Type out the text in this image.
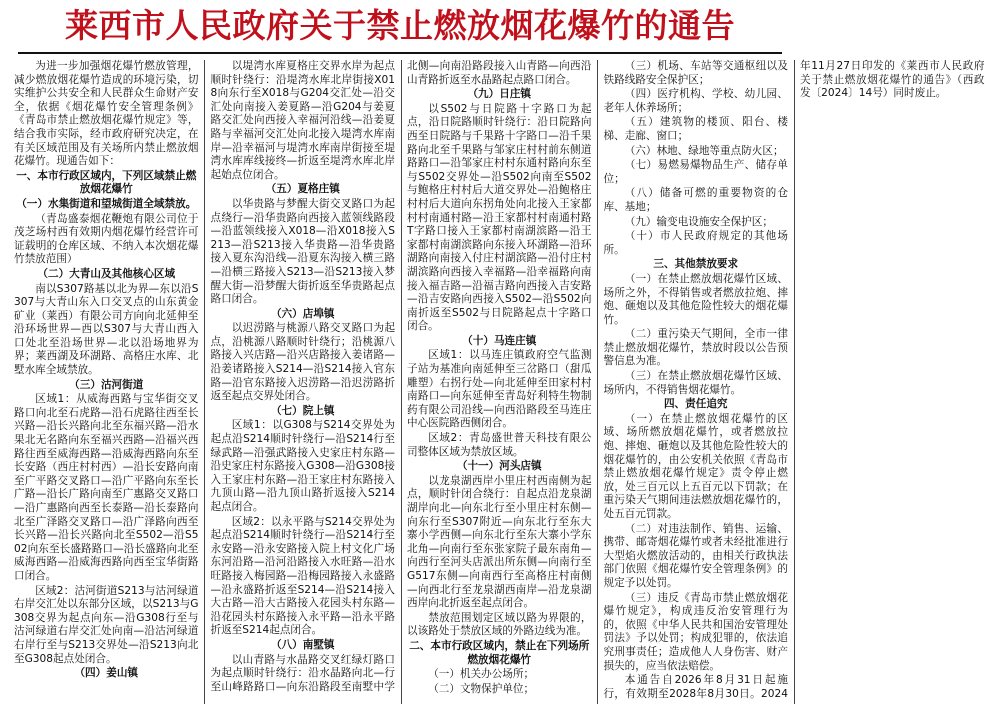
莱西市人民政府关于禁止燃放烟花爆竹的通告

为进一步加强烟花爆竹燃放管理，减少燃放烟花爆竹造成的环境污染，切实维护公共安全和人民群众生命财产安全，依据《烟花爆竹安全管理条例》《青岛市禁止燃放烟花爆竹规定》等，结合我市实际，经市政府研究决定，在有关区域范围及有关场所内禁止燃放烟花爆竹。现通告如下：

一、本市行政区域内，下列区域禁止燃放烟花爆竹

（一）水集街道和望城街道全域禁放。

（青岛盛泰烟花鞭炮有限公司位于茂芝场村西有效期内烟花爆竹经营许可证载明的仓库区域、不纳入本次烟花爆竹禁放范围）

（二）大青山及其他核心区域

南以S307路基以北为界—东以沿S307与大青山东入口交叉点的山东黄金矿业（莱西）有限公司方向向北延伸至沿环场世界—西以S307与大青山西入口处北至沿场世界—北以沿场地界为界；莱西湖及环湖路、高格庄水库、北墅水库全域禁放。

（三）沽河街道

区域1：从威海西路与宝华街交叉路口向北至石虎路—沿石虎路往西至长兴路—沿长兴路向北至东福兴路—沿水果北无名路向东至福兴西路—沿福兴西路往西至威海西路—沿威海西路向东至长安路（西庄村村西）—沿长安路向南至广平路交叉路口—沿广平路向东至长广路—沿长广路向南至广惠路交叉路口—沿广惠路向西至长泰路—沿长泰路向北至广泽路交叉路口—沿广泽路向西至长兴路—沿长兴路向北至S502—沿S502向东至长盛路路口—沿长盛路向北至威海西路—沿威海西路向西至宝华街路口闭合。

区域2：沽河街道S213与沽河绿道右岸交汇处以东部分区域，以S213与G308交界为起点向东—沿G308行至与沽河绿道右岸交汇处向南—沿沽河绿道右岸行至与S213交界处—沿S213向北至G308起点处闭合。

（四）姜山镇

以堤湾水库夏格庄交界水岸为起点顺时针绕行：沿堤湾水库北岸街接X018向东行至X018与G204交汇处—沿交汇处向南接入姜夏路—沿G204与姜夏路交汇处向西接入幸福河沿线—沿姜夏路与幸福河交汇处向北接入堤湾水库南岸—沿幸福河与堤湾水库南岸街接至堤湾水库库线接终—折返至堤湾水库北岸起始点位闭合。

（五）夏格庄镇

以华贵路与梦醒大街交叉路口为起点绕行—沿华贵路向西接入蓝领线路段—沿蓝领线接入X018—沿X018接入S213—沿S213接入华贵路—沿华贵路接入夏东沟沿线—沿夏东沟接入横三路—沿横三路接入S213—沿S213接入梦醒大街—沿梦醒大街折返至华贵路起点路口闭合。

（六）店埠镇

以迟涝路与桃源八路交叉路口为起点，沿桃源八路顺时针绕行；沿桃源八路接入兴店路—沿兴店路接入姜诸路—沿姜诸路接入S214—沿S214接入官东路—沿官东路接入迟涝路—沿迟涝路折返至起点交界处闭合。

（七）院上镇

区域1：以G308与S214交界处为起点沿S214顺时针绕行—沿S214行至绿武路—沿强武路接入史家庄村东路—沿史家庄村东路接入G308—沿G308接入王家庄村东路—沿王家庄村东路接入九顶山路—沿九顶山路折返接入S214起点闭合。

区域2：以永平路与S214交界处为起点沿S214顺时针绕行—沿S214行至永安路—沿永安路接入院上村文化广场东河沿路—沿河沿路接入水旺路—沿水旺路接入梅园路—沿梅园路接入永盛路—沿永盛路折返至S214—沿S214接入大古路—沿大古路接入花园头村东路—沿花园头村东路接入永平路—沿永平路折返至S214起点闭合。

（八）南墅镇

以山青路与水晶路交叉红绿灯路口为起点顺时针绕行：沿水晶路向北—行至山峰路路口—向东沿路段至南墅中学北侧—向南沿路段接入山青路—向西沿山青路折返至水晶路起点路口闭合。

（九）日庄镇

以S502与日院路十字路口为起点，沿日院路顺时针绕行：沿日院路向西至日院路与千果路十字路口—沿千果路向北至千果路与邹家庄村村前东侧道路路口—沿邹家庄村村东通村路向东至与S502交界处—沿S502向南至S502与鲍格庄村村后大道交界处—沿鲍格庄村村后大道向东拐角处向北接入王家都村村南通村路—沿王家都村村南通村路T字路口接入王家都村南湖滨路—沿王家都村南湖滨路向东接入环湖路—沿环湖路向南接入付庄村湖滨路—沿付庄村湖滨路向西接入幸福路—沿幸福路向南接入福吉路—沿福吉路向西接入吉安路—沿吉安路向西接入S502—沿S502向南折返至S502与日院路起点十字路口闭合。

（十）马连庄镇

区域1：以马连庄镇政府空气监测子站为基准向南延伸至三岔路口（甜瓜雕塑）右拐行处—向北延伸至田家村村南路口—向东延伸至青岛好利特生物制药有限公司沿线—向西沿路段至马连庄中心医院路西侧闭合。

区域2：青岛盛世普天科技有限公司整体区域为禁放区域。

（十一）河头店镇

以龙泉湖西岸小里庄村西南侧为起点，顺时针闭合绕行：自起点沿龙泉湖湖岸向北—向东北行至小里庄村东侧—向东行至S307附近—向东北行至东大寨小学西侧—向东北行至东大寨小学东北角—向南行至东张家院子最东南角—向西行至河头店派出所东侧—向南行至G517东侧—向南西行至高格庄村南侧—向西北行至龙泉湖西南岸—沿龙泉湖西岸向北折返至起点闭合。

禁放范围划定区域以路为界限的，以该路处于禁放区域的外路边线为准。

二、本市行政区域内，禁止在下列场所燃放烟花爆竹

（一）机关办公场所；

（二）文物保护单位；

（三）机场、车站等交通枢纽以及铁路线路安全保护区；

（四）医疗机构、学校、幼儿园、老年人休养场所；

（五）建筑物的楼顶、阳台、楼梯、走廊、窗口；

（六）林地、绿地等重点防火区；

（七）易燃易爆物品生产、储存单位；

（八）储备可燃的重要物资的仓库、基地；

（九）输变电设施安全保护区；

（十）市人民政府规定的其他场所。

三、其他禁放要求

（一）在禁止燃放烟花爆竹区域、场所之外，不得销售或者燃放拉炮、摔炮、砸炮以及其他危险性较大的烟花爆竹。

（二）重污染天气期间，全市一律禁止燃放烟花爆竹，禁放时段以公告预警信息为准。

（三）在禁止燃放烟花爆竹区域、场所内，不得销售烟花爆竹。

四、责任追究

（一）在禁止燃放烟花爆竹的区域、场所燃放烟花爆竹，或者燃放拉炮、摔炮、砸炮以及其他危险性较大的烟花爆竹的，由公安机关依照《青岛市禁止燃放烟花爆竹规定》责令停止燃放，处三百元以上五百元以下罚款；在重污染天气期间违法燃放烟花爆竹的，处五百元罚款。

（二）对违法制作、销售、运输、携带、邮寄烟花爆竹或者未经批准进行大型焰火燃放活动的，由相关行政执法部门依照《烟花爆竹安全管理条例》的规定予以处罚。

（三）违反《青岛市禁止燃放烟花爆竹规定》，构成违反治安管理行为的，依照《中华人民共和国治安管理处罚法》予以处罚；构成犯罪的，依法追究刑事责任；造成他人人身伤害、财产损失的，应当依法赔偿。

本通告自2026年8月31日起施行，有效期至2028年8月30日。2024年11月27日印发的《莱西市人民政府关于禁止燃放烟花爆竹的通告》（西政发〔2024〕14号）同时废止。
